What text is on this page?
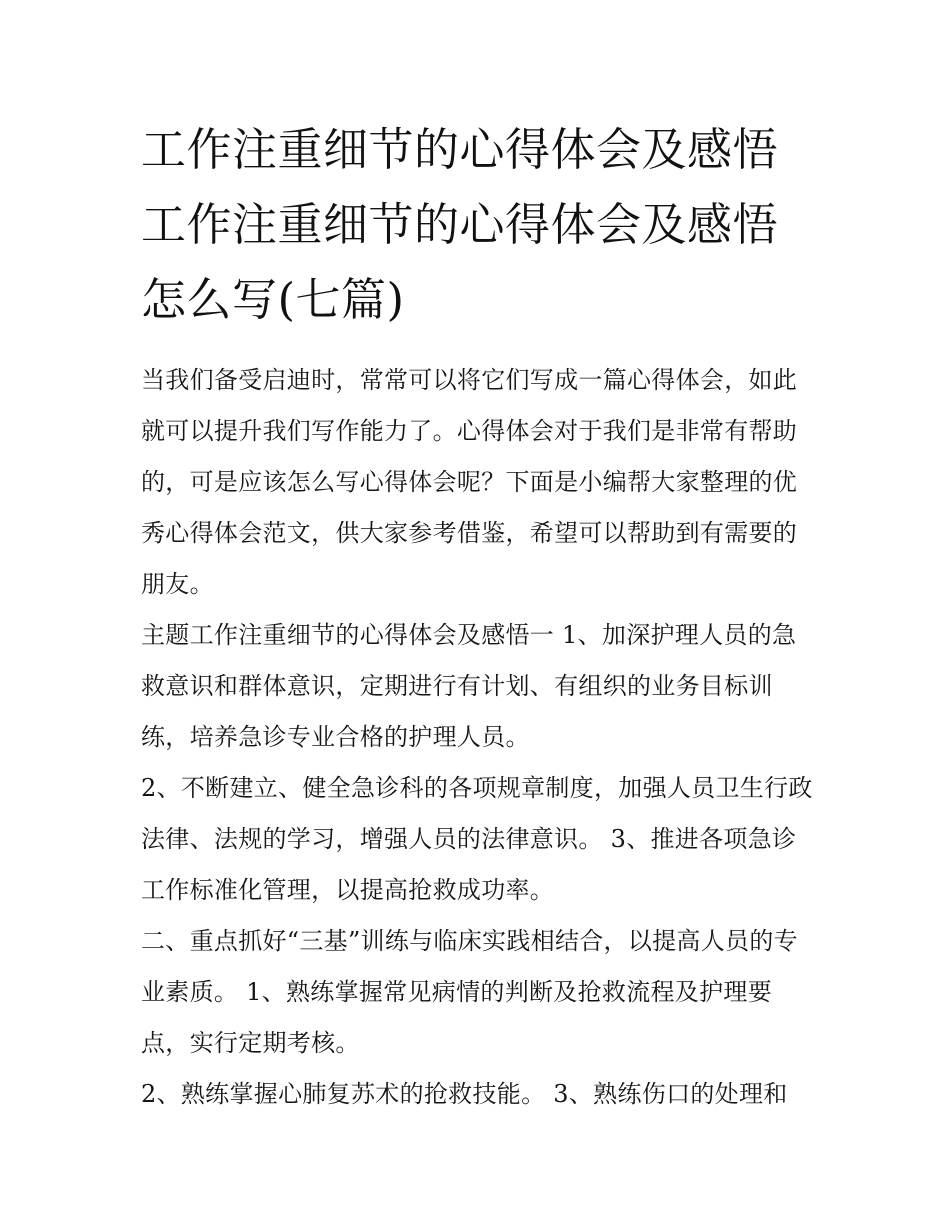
工作注重细节的心得体会及感悟 工作注重细节的心得体会及感悟怎么写(七篇)

当我们备受启迪时，常常可以将它们写成一篇心得体会，如此就可以提升我们写作能力了。心得体会对于我们是非常有帮助的，可是应该怎么写心得体会呢？下面是小编帮大家整理的优秀心得体会范文，供大家参考借鉴，希望可以帮助到有需要的朋友。

主题工作注重细节的心得体会及感悟一 1、加深护理人员的急救意识和群体意识，定期进行有计划、有组织的业务目标训练，培养急诊专业合格的护理人员。

2、不断建立、健全急诊科的各项规章制度，加强人员卫生行政法律、法规的学习，增强人员的法律意识。 3、推进各项急诊工作标准化管理，以提高抢救成功率。

二、重点抓好“三基”训练与临床实践相结合，以提高人员的专业素质。 1、熟练掌握常见病情的判断及抢救流程及护理要点，实行定期考核。

2、熟练掌握心肺复苏术的抢救技能。 3、熟练伤口的处理和
